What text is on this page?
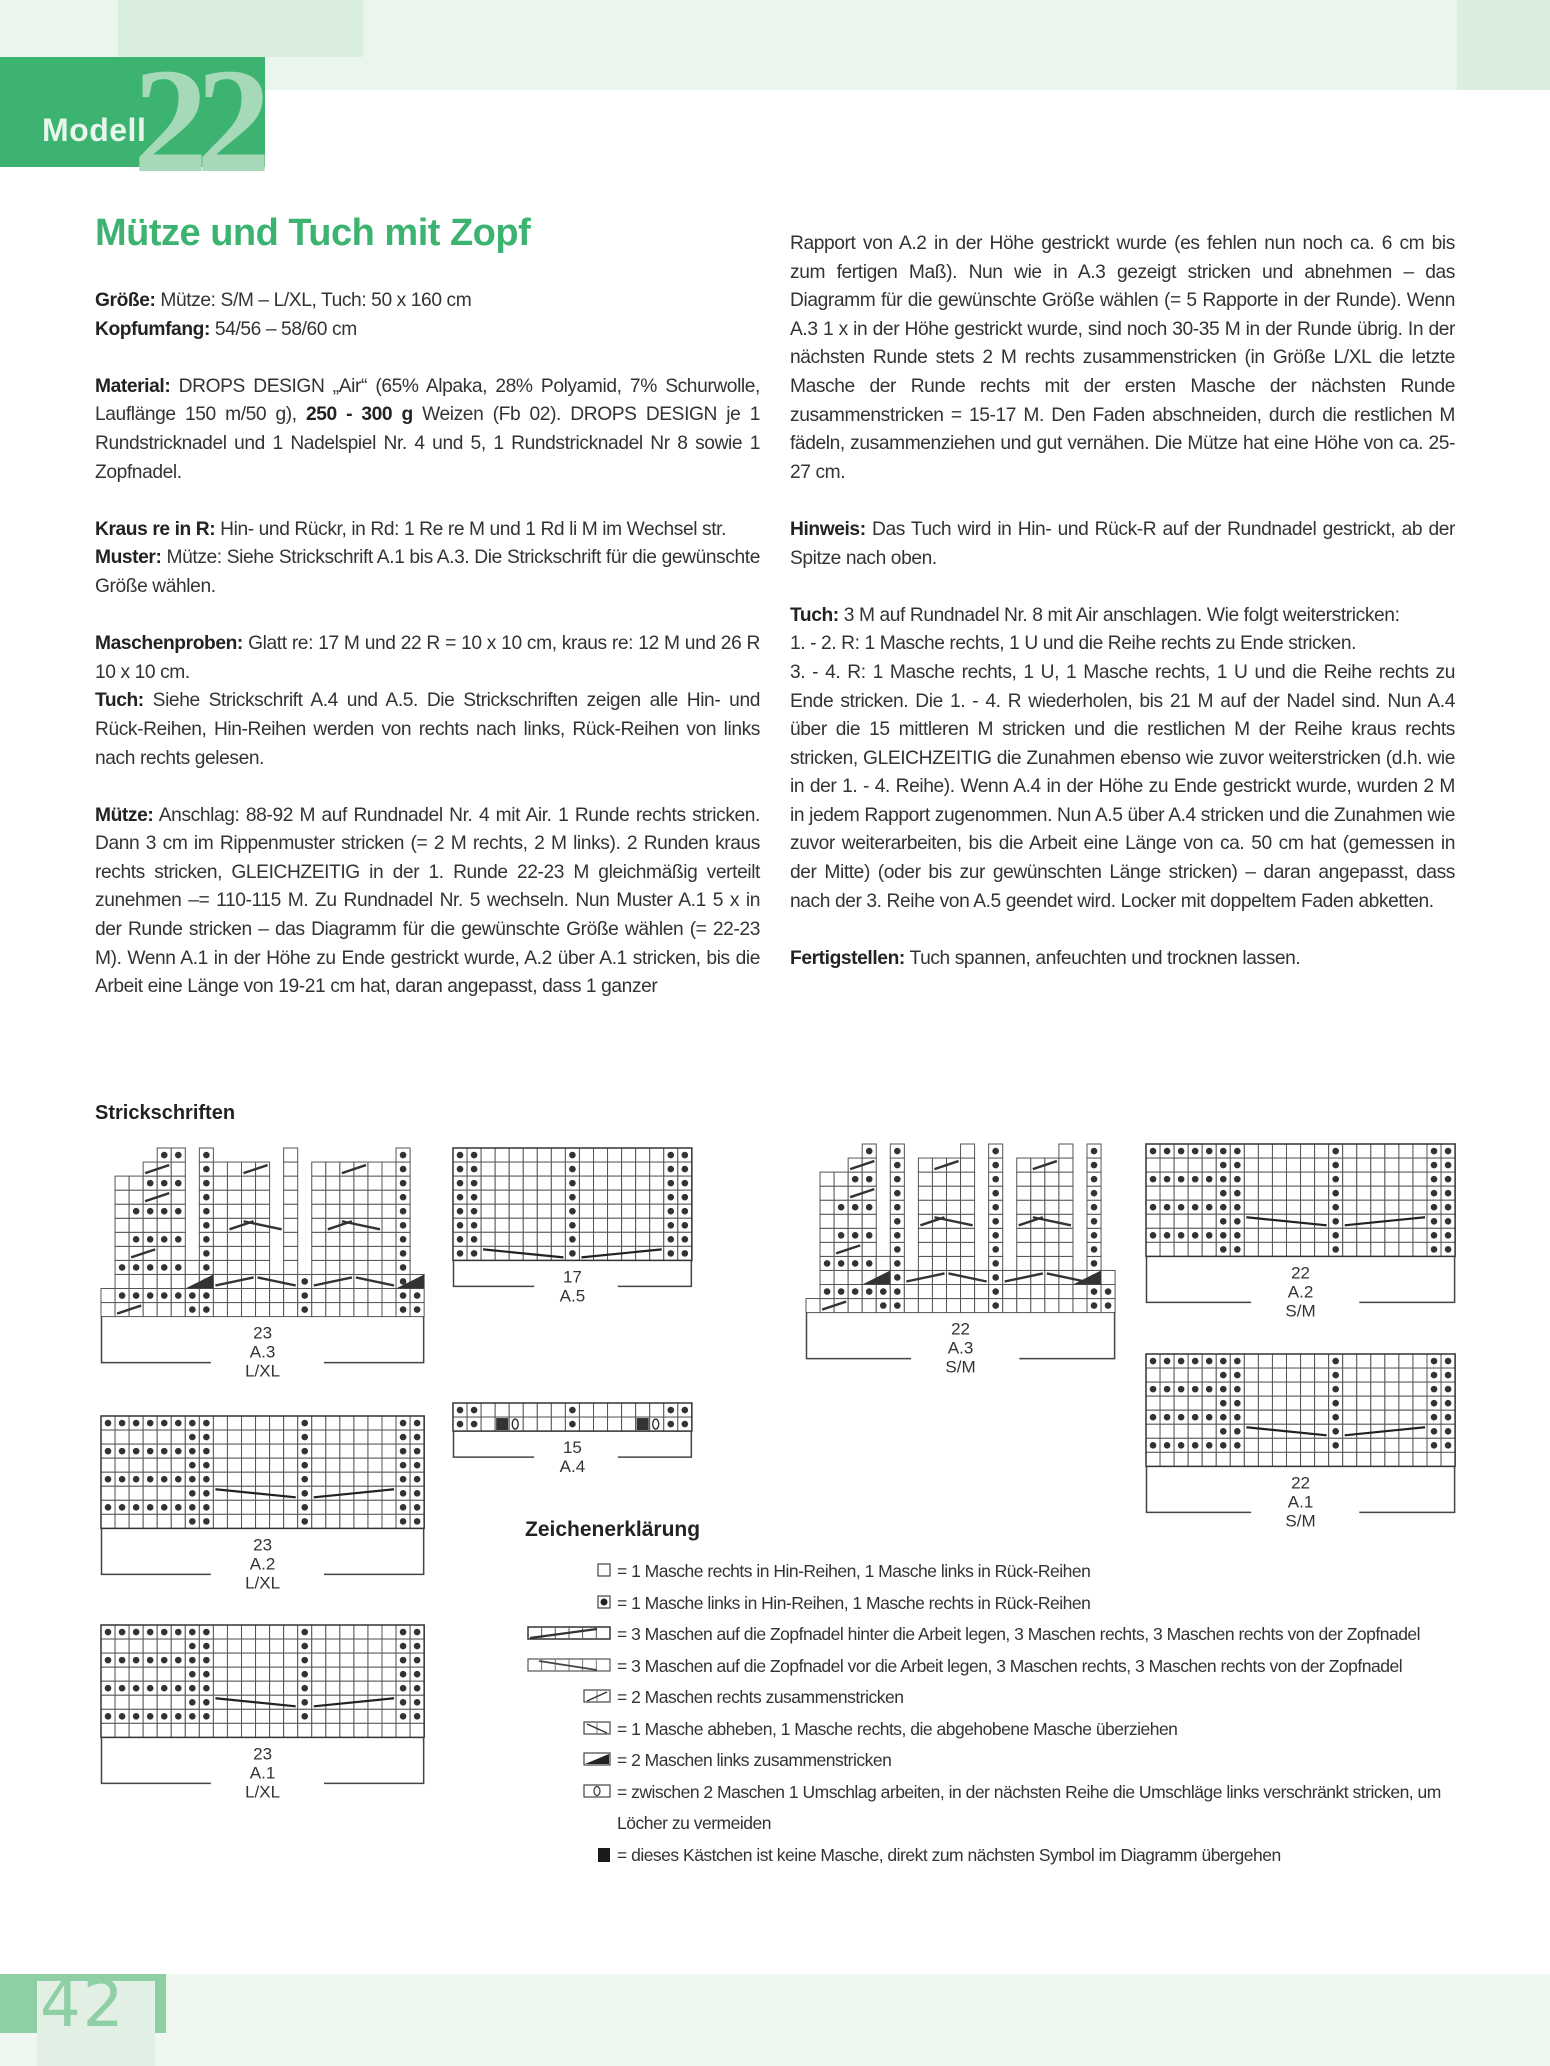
Modell
22
Mütze und Tuch mit Zopf

Größe: Mütze: S/M – L/XL, Tuch: 50 x 160 cm

Kopfumfang: 54/56 – 58/60 cm

Material: DROPS DESIGN „Air“ (65% Alpaka, 28% Polyamid, 7% Schurwolle, Lauflänge 150 m/50 g), 250 - 300 g Weizen (Fb 02). DROPS DESIGN je 1 Rundstricknadel und 1 Nadelspiel Nr. 4 und 5, 1 Rundstricknadel Nr 8 sowie 1 Zopfnadel.

Kraus re in R: Hin- und Rückr, in Rd: 1 Re re M und 1 Rd li M im Wechsel str.

Muster: Mütze: Siehe Strickschrift A.1 bis A.3. Die Strickschrift für die gewünschte Größe wählen.

Maschenproben: Glatt re: 17 M und 22 R = 10 x 10 cm, kraus re: 12 M und 26 R 10 x 10 cm.

Tuch: Siehe Strickschrift A.4 und A.5. Die Strickschriften zeigen alle Hin- und Rück-Reihen, Hin-Reihen werden von rechts nach links, Rück-Reihen von links nach rechts gelesen.

Mütze: Anschlag: 88-92 M auf Rundnadel Nr. 4 mit Air. 1 Runde rechts stricken. Dann 3 cm im Rippenmuster stricken (= 2 M rechts, 2 M links). 2 Runden kraus rechts stricken, GLEICHZEITIG in der 1. Runde 22-23 M gleichmäßig verteilt zunehmen –= 110-115 M. Zu Rundnadel Nr. 5 wechseln. Nun Muster A.1 5 x in der Runde stricken – das Diagramm für die gewünschte Größe wählen (= 22-23 M). Wenn A.1 in der Höhe zu Ende gestrickt wurde, A.2 über A.1 stricken, bis die Arbeit eine Länge von 19-21 cm hat, daran angepasst, dass 1 ganzer

Rapport von A.2 in der Höhe gestrickt wurde (es fehlen nun noch ca. 6 cm bis zum fertigen Maß). Nun wie in A.3 gezeigt stricken und abnehmen – das Diagramm für die gewünschte Größe wählen (= 5 Rapporte in der Runde). Wenn A.3 1 x in der Höhe gestrickt wurde, sind noch 30-35 M in der Runde übrig. In der nächsten Runde stets 2 M rechts zusammenstricken (in Größe L/XL die letzte Masche der Runde rechts mit der ersten Masche der nächsten Runde zusammenstricken = 15-17 M. Den Faden abschneiden, durch die restlichen M fädeln, zusammenziehen und gut vernähen. Die Mütze hat eine Höhe von ca. 25-27 cm.

Hinweis: Das Tuch wird in Hin- und Rück-R auf der Rundnadel gestrickt, ab der Spitze nach oben.

Tuch: 3 M auf Rundnadel Nr. 8 mit Air anschlagen. Wie folgt weiterstricken:

1. - 2. R: 1 Masche rechts, 1 U und die Reihe rechts zu Ende stricken.

3. - 4. R: 1 Masche rechts, 1 U, 1 Masche rechts, 1 U und die Reihe rechts zu Ende stricken. Die 1. - 4. R wiederholen, bis 21 M auf der Nadel sind. Nun A.4 über die 15 mittleren M stricken und die restlichen M der Reihe kraus rechts stricken, GLEICHZEITIG die Zunahmen ebenso wie zuvor weiterstricken (d.h. wie in der 1. - 4. Reihe). Wenn A.4 in der Höhe zu Ende gestrickt wurde, wurden 2 M in jedem Rapport zugenommen. Nun A.5 über A.4 stricken und die Zunahmen wie zuvor weiterarbeiten, bis die Arbeit eine Länge von ca. 50 cm hat (gemessen in der Mitte) (oder bis zur gewünschten Länge stricken) – daran angepasst, dass nach der 3. Reihe von A.5 geendet wird. Locker mit doppeltem Faden abketten.

Fertigstellen: Tuch spannen, anfeuchten und trocknen lassen.

Strickschriften
23
A.3
L/XL
17
A.5
15
A.4
23
A.2
L/XL
23
A.1
L/XL
22
A.3
S/M
22
A.2
S/M
22
A.1
S/M
Zeichenerklärung
= 1 Masche rechts in Hin-Reihen, 1 Masche links in Rück-Reihen
= 1 Masche links in Hin-Reihen, 1 Masche rechts in Rück-Reihen
= 3 Maschen auf die Zopfnadel hinter die Arbeit legen, 3 Maschen rechts, 3 Maschen rechts von der Zopfnadel
= 3 Maschen auf die Zopfnadel vor die Arbeit legen, 3 Maschen rechts, 3 Maschen rechts von der Zopfnadel
= 2 Maschen rechts zusammenstricken
= 1 Masche abheben, 1 Masche rechts, die abgehobene Masche überziehen
= 2 Maschen links zusammenstricken
= zwischen 2 Maschen 1 Umschlag arbeiten, in der nächsten Reihe die Umschläge links verschränkt stricken, um Löcher zu vermeiden
= dieses Kästchen ist keine Masche, direkt zum nächsten Symbol im Diagramm übergehen
42
